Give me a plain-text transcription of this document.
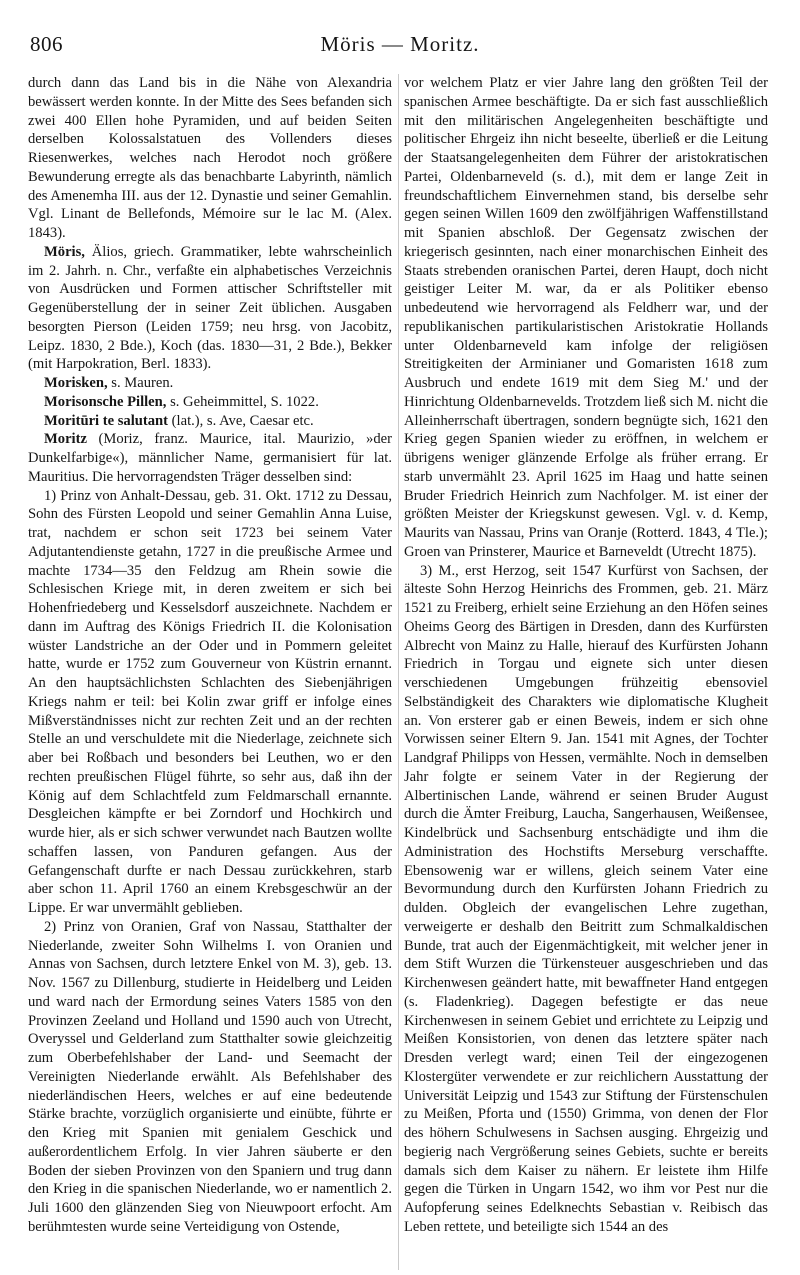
806	Möris — Moritz.

durch dann das Land bis in die Nähe von Alexandria bewässert werden konnte. In der Mitte des Sees befanden sich zwei 400 Ellen hohe Pyramiden, und auf beiden Seiten derselben Kolossalstatuen des Vollenders dieses Riesenwerkes, welches nach Herodot noch größere Bewunderung erregte als das benachbarte Labyrinth, nämlich des Amenemha III. aus der 12. Dynastie und seiner Gemahlin. Vgl. Linant de Bellefonds, Mémoire sur le lac M. (Alex. 1843).

Möris, Älios, griech. Grammatiker, lebte wahrscheinlich im 2. Jahrh. n. Chr., verfaßte ein alphabetisches Verzeichnis von Ausdrücken und Formen attischer Schriftsteller mit Gegenüberstellung der in seiner Zeit üblichen. Ausgaben besorgten Pierson (Leiden 1759; neu hrsg. von Jacobitz, Leipz. 1830, 2 Bde.), Koch (das. 1830—31, 2 Bde.), Bekker (mit Harpokration, Berl. 1833).

Morisken, s. Mauren.

Morisonsche Pillen, s. Geheimmittel, S. 1022.

Moritūri te salutant (lat.), s. Ave, Caesar etc.

Moritz (Moriz, franz. Maurice, ital. Maurizio, »der Dunkelfarbige«), männlicher Name, germanisiert für lat. Mauritius. Die hervorragendsten Träger desselben sind:

1) Prinz von Anhalt-Dessau, geb. 31. Okt. 1712 zu Dessau, Sohn des Fürsten Leopold und seiner Gemahlin Anna Luise, trat, nachdem er schon seit 1723 bei seinem Vater Adjutantendienste getahn, 1727 in die preußische Armee und machte 1734—35 den Feldzug am Rhein sowie die Schlesischen Kriege mit, in deren zweitem er sich bei Hohenfriedeberg und Kesselsdorf auszeichnete. Nachdem er dann im Auftrag des Königs Friedrich II. die Kolonisation wüster Landstriche an der Oder und in Pommern geleitet hatte, wurde er 1752 zum Gouverneur von Küstrin ernannt. An den hauptsächlichsten Schlachten des Siebenjährigen Kriegs nahm er teil: bei Kolin zwar griff er infolge eines Mißverständnisses nicht zur rechten Zeit und an der rechten Stelle an und verschuldete mit die Niederlage, zeichnete sich aber bei Roßbach und besonders bei Leuthen, wo er den rechten preußischen Flügel führte, so sehr aus, daß ihn der König auf dem Schlachtfeld zum Feldmarschall ernannte. Desgleichen kämpfte er bei Zorndorf und Hochkirch und wurde hier, als er sich schwer verwundet nach Bautzen wollte schaffen lassen, von Panduren gefangen. Aus der Gefangenschaft durfte er nach Dessau zurückkehren, starb aber schon 11. April 1760 an einem Krebsgeschwür an der Lippe. Er war unvermählt geblieben.

2) Prinz von Oranien, Graf von Nassau, Statthalter der Niederlande, zweiter Sohn Wilhelms I. von Oranien und Annas von Sachsen, durch letztere Enkel von M. 3), geb. 13. Nov. 1567 zu Dillenburg, studierte in Heidelberg und Leiden und ward nach der Ermordung seines Vaters 1585 von den Provinzen Zeeland und Holland und 1590 auch von Utrecht, Overyssel und Gelderland zum Statthalter sowie gleichzeitig zum Oberbefehlshaber der Land- und Seemacht der Vereinigten Niederlande erwählt. Als Befehlshaber des niederländischen Heers, welches er auf eine bedeutende Stärke brachte, vorzüglich organisierte und einübte, führte er den Krieg mit Spanien mit genialem Geschick und außerordentlichem Erfolg. In vier Jahren säuberte er den Boden der sieben Provinzen von den Spaniern und trug dann den Krieg in die spanischen Niederlande, wo er namentlich 2. Juli 1600 den glänzenden Sieg von Nieuwpoort erfocht. Am berühmtesten wurde seine Verteidigung von Ostende,

vor welchem Platz er vier Jahre lang den größten Teil der spanischen Armee beschäftigte. Da er sich fast ausschließlich mit den militärischen Angelegenheiten beschäftigte und politischer Ehrgeiz ihn nicht beseelte, überließ er die Leitung der Staatsangelegenheiten dem Führer der aristokratischen Partei, Oldenbarneveld (s. d.), mit dem er lange Zeit in freundschaftlichem Einvernehmen stand, bis derselbe sehr gegen seinen Willen 1609 den zwölfjährigen Waffenstillstand mit Spanien abschloß. Der Gegensatz zwischen der kriegerisch gesinnten, nach einer monarchischen Einheit des Staats strebenden oranischen Partei, deren Haupt, doch nicht geistiger Leiter M. war, da er als Politiker ebenso unbedeutend wie hervorragend als Feldherr war, und der republikanischen partikularistischen Aristokratie Hollands unter Oldenbarneveld kam infolge der religiösen Streitigkeiten der Arminianer und Gomaristen 1618 zum Ausbruch und endete 1619 mit dem Sieg M.' und der Hinrichtung Oldenbarnevelds. Trotzdem ließ sich M. nicht die Alleinherrschaft übertragen, sondern begnügte sich, 1621 den Krieg gegen Spanien wieder zu eröffnen, in welchem er übrigens weniger glänzende Erfolge als früher errang. Er starb unvermählt 23. April 1625 im Haag und hatte seinen Bruder Friedrich Heinrich zum Nachfolger. M. ist einer der größten Meister der Kriegskunst gewesen. Vgl. v. d. Kemp, Maurits van Nassau, Prins van Oranje (Rotterd. 1843, 4 Tle.); Groen van Prinsterer, Maurice et Barneveldt (Utrecht 1875).

3) M., erst Herzog, seit 1547 Kurfürst von Sachsen, der älteste Sohn Herzog Heinrichs des Frommen, geb. 21. März 1521 zu Freiberg, erhielt seine Erziehung an den Höfen seines Oheims Georg des Bärtigen in Dresden, dann des Kurfürsten Albrecht von Mainz zu Halle, hierauf des Kurfürsten Johann Friedrich in Torgau und eignete sich unter diesen verschiedenen Umgebungen frühzeitig ebensoviel Selbständigkeit des Charakters wie diplomatische Klugheit an. Von ersterer gab er einen Beweis, indem er sich ohne Vorwissen seiner Eltern 9. Jan. 1541 mit Agnes, der Tochter Landgraf Philipps von Hessen, vermählte. Noch in demselben Jahr folgte er seinem Vater in der Regierung der Albertinischen Lande, während er seinen Bruder August durch die Ämter Freiburg, Laucha, Sangerhausen, Weißensee, Kindelbrück und Sachsenburg entschädigte und ihm die Administration des Hochstifts Merseburg verschaffte. Ebensowenig war er willens, gleich seinem Vater eine Bevormundung durch den Kurfürsten Johann Friedrich zu dulden. Obgleich der evangelischen Lehre zugethan, verweigerte er deshalb den Beitritt zum Schmalkaldischen Bunde, trat auch der Eigenmächtigkeit, mit welcher jener in dem Stift Wurzen die Türkensteuer ausgeschrieben und das Kirchenwesen geändert hatte, mit bewaffneter Hand entgegen (s. Fladenkrieg). Dagegen befestigte er das neue Kirchenwesen in seinem Gebiet und errichtete zu Leipzig und Meißen Konsistorien, von denen das letztere später nach Dresden verlegt ward; einen Teil der eingezogenen Klostergüter verwendete er zur reichlichern Ausstattung der Universität Leipzig und 1543 zur Stiftung der Fürstenschulen zu Meißen, Pforta und (1550) Grimma, von denen der Flor des höhern Schulwesens in Sachsen ausging. Ehrgeizig und begierig nach Vergrößerung seines Gebiets, suchte er bereits damals sich dem Kaiser zu nähern. Er leistete ihm Hilfe gegen die Türken in Ungarn 1542, wo ihm vor Pest nur die Aufopferung seines Edelknechts Sebastian v. Reibisch das Leben rettete, und beteiligte sich 1544 an des
